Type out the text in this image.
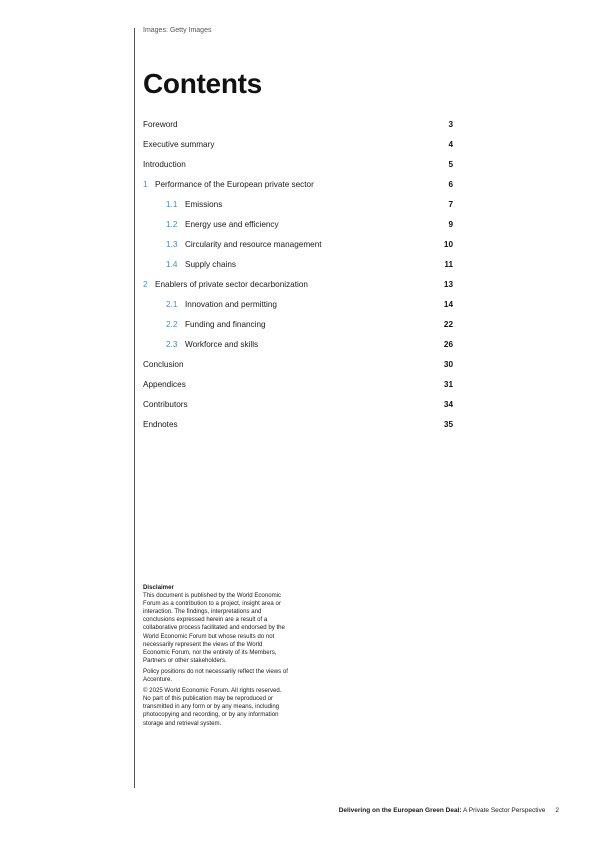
Images: Getty Images
Contents
Foreword	3
Executive summary	4
Introduction	5
1 Performance of the European private sector	6
1.1 Emissions	7
1.2 Energy use and efficiency	9
1.3 Circularity and resource management	10
1.4 Supply chains	11
2 Enablers of private sector decarbonization	13
2.1 Innovation and permitting	14
2.2 Funding and financing	22
2.3 Workforce and skills	26
Conclusion	30
Appendices	31
Contributors	34
Endnotes	35
Disclaimer

This document is published by the World Economic Forum as a contribution to a project, insight area or interaction. The findings, interpretations and conclusions expressed herein are a result of a collaborative process facilitated and endorsed by the World Economic Forum but whose results do not necessarily represent the views of the World Economic Forum, nor the entirety of its Members, Partners or other stakeholders.

Policy positions do not necessarily reflect the views of Accenture.

© 2025 World Economic Forum. All rights reserved. No part of this publication may be reproduced or transmitted in any form or by any means, including photocopying and recording, or by any information storage and retrieval system.

Delivering on the European Green Deal: A Private Sector Perspective 2
